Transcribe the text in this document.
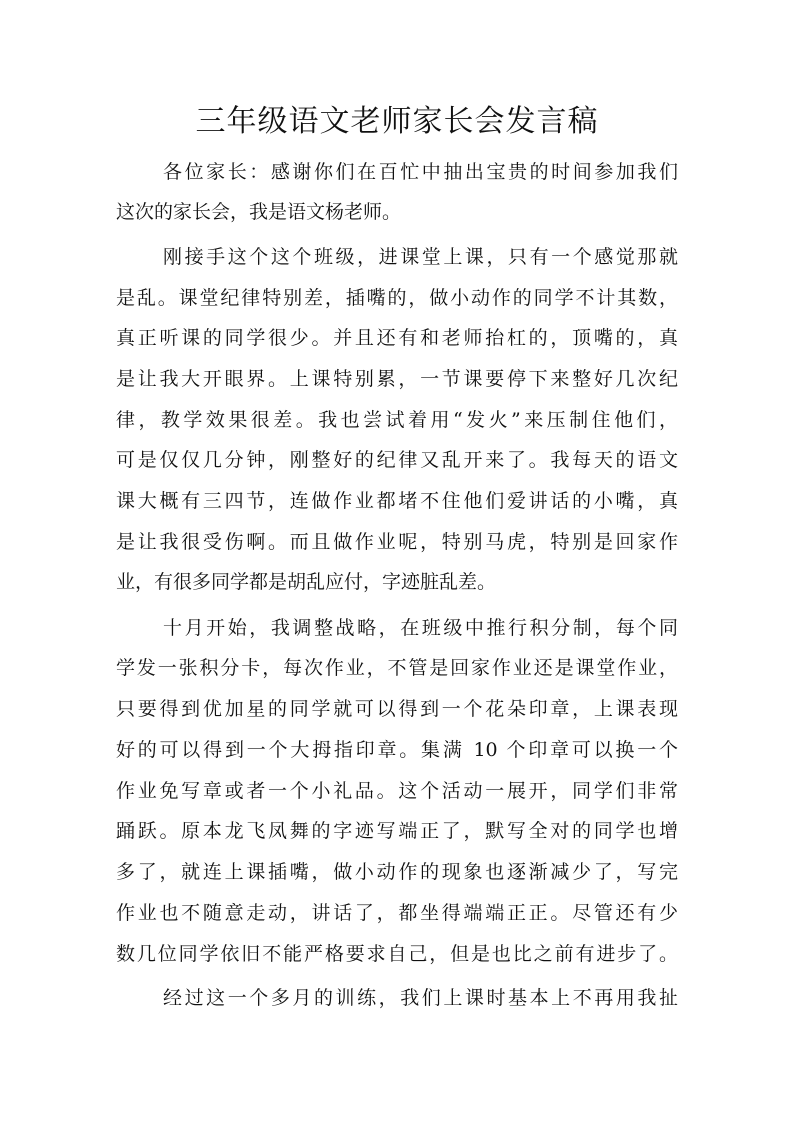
三年级语文老师家长会发言稿

各位家长：感谢你们在百忙中抽出宝贵的时间参加我们

这次的家长会，我是语文杨老师。

刚接手这个这个班级，进课堂上课，只有一个感觉那就

是乱。课堂纪律特别差，插嘴的，做小动作的同学不计其数，

真正听课的同学很少。并且还有和老师抬杠的，顶嘴的，真

是让我大开眼界。上课特别累，一节课要停下来整好几次纪

律，教学效果很差。我也尝试着用“发火”来压制住他们，

可是仅仅几分钟，刚整好的纪律又乱开来了。我每天的语文

课大概有三四节，连做作业都堵不住他们爱讲话的小嘴，真

是让我很受伤啊。而且做作业呢，特别马虎，特别是回家作

业，有很多同学都是胡乱应付，字迹脏乱差。

十月开始，我调整战略，在班级中推行积分制，每个同

学发一张积分卡，每次作业，不管是回家作业还是课堂作业，

只要得到优加星的同学就可以得到一个花朵印章，上课表现

好的可以得到一个大拇指印章。集满 10 个印章可以换一个

作业免写章或者一个小礼品。这个活动一展开，同学们非常

踊跃。原本龙飞凤舞的字迹写端正了，默写全对的同学也增

多了，就连上课插嘴，做小动作的现象也逐渐减少了，写完

作业也不随意走动，讲话了，都坐得端端正正。尽管还有少

数几位同学依旧不能严格要求自己，但是也比之前有进步了。

经过这一个多月的训练，我们上课时基本上不再用我扯
